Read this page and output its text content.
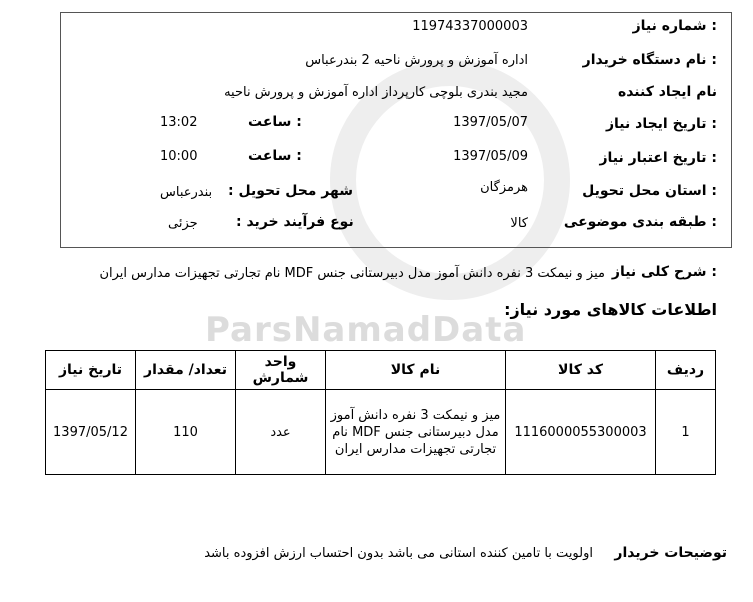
ParsNamadData
شماره نیاز :
11974337000003
نام دستگاه خریدار :
اداره آموزش و پرورش ناحیه 2 بندرعباس
نام ایجاد کننده
مجید بندری بلوچی کارپرداز اداره آموزش و پرورش ناحیه
تاریخ ایجاد نیاز :
1397/05/07
ساعت :
13:02
تاریخ اعتبار نیاز :
1397/05/09
ساعت :
10:00
استان محل تحویل :
هرمزگان
شهر محل تحویل :
بندرعباس
طبقه بندی موضوعی :
کالا
نوع فرآیند خرید :
جزئی
شرح کلی نیاز :
میز و نیمکت 3 نفره دانش آموز مدل دبیرستانی جنس MDF نام تجارتی تجهیزات مدارس ایران
اطلاعات کالاهای مورد نیاز:
ردیف	کد کالا	نام کالا	واحد شمارش	تعداد/ مقدار	تاریخ نیاز
1	1116000055300003	میز و نیمکت 3 نفره دانش آموز مدل دبیرستانی جنس MDF نام تجارتی تجهیزات مدارس ایران	عدد	110	1397/05/12
توضیحات خریدار
اولویت با تامین کننده استانی می باشد بدون احتساب ارزش افزوده باشد
